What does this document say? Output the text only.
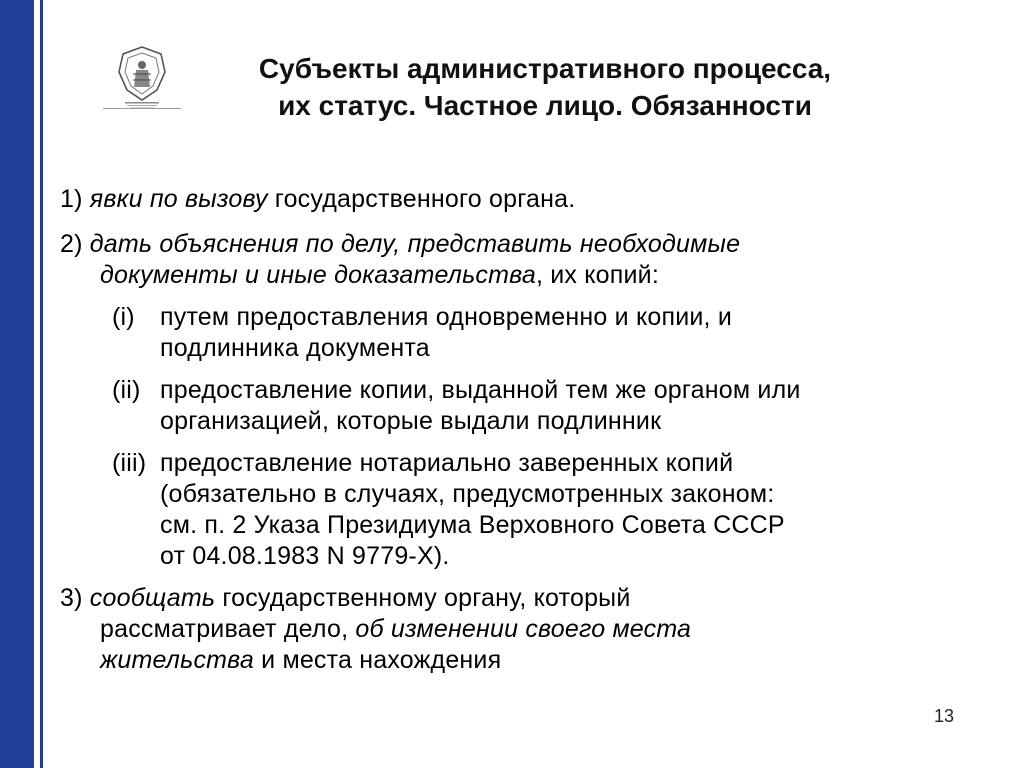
Субъекты административного процесса,
их статус. Частное лицо. Обязанности
1) явки по вызову государственного органа.
2) дать объяснения по делу, представить необходимые
документы и иные доказательства, их копий:
(i) путем предоставления одновременно и копии, и
подлинника документа
(ii) предоставление копии, выданной тем же органом или
организацией, которые выдали подлинник
(iii) предоставление нотариально заверенных копий
(обязательно в случаях, предусмотренных законом:
см. п. 2 Указа Президиума Верховного Совета СССР
от 04.08.1983 N 9779-Х).
3) сообщать государственному органу, который
рассматривает дело, об изменении своего места
жительства и места нахождения
13
